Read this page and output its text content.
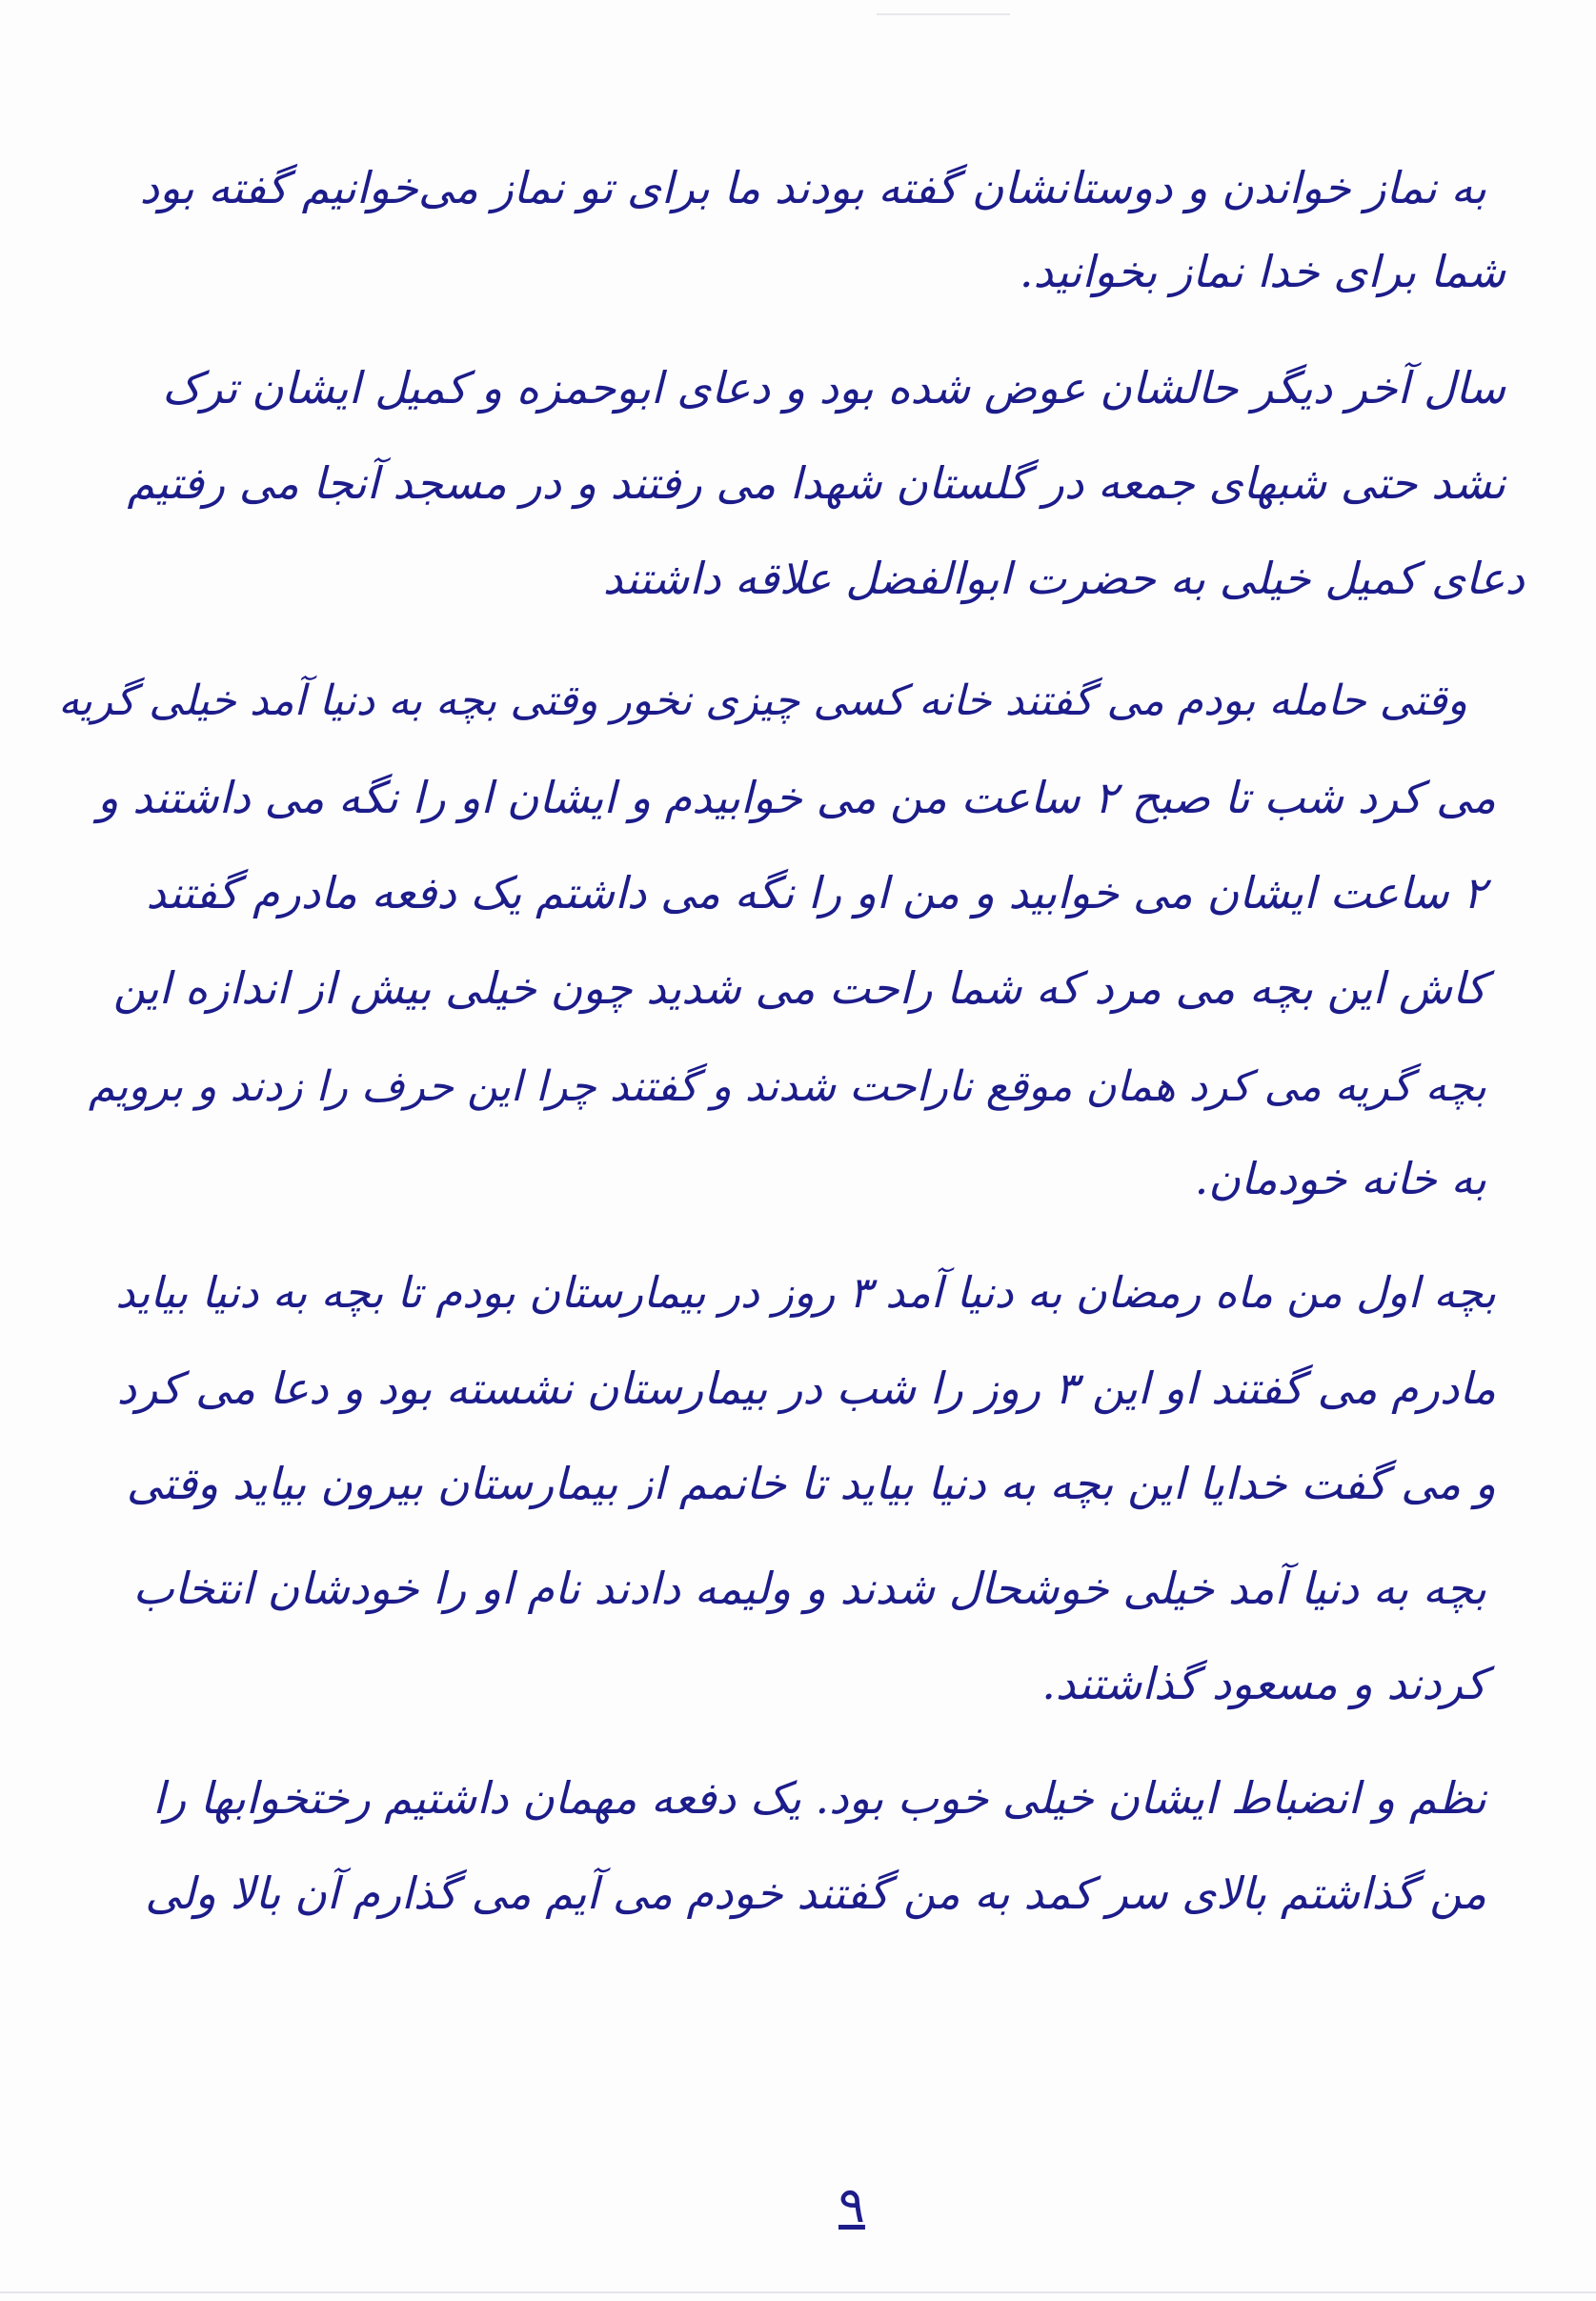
به نماز خواندن و دوستانشان گفته بودند ما برای تو نماز می‌خوانیم گفته بود
شما برای خدا نماز بخوانید.
سال آخر دیگر حالشان عوض شده بود و دعای ابوحمزه و کمیل ایشان ترک
نشد حتی شبهای جمعه در گلستان شهدا می رفتند و در مسجد آنجا می رفتیم
دعای کمیل خیلی به حضرت ابوالفضل علاقه داشتند
وقتی حامله بودم می گفتند خانه کسی چیزی نخور وقتی بچه به دنیا آمد خیلی گریه
می کرد شب تا صبح ۲ ساعت من می خوابیدم و ایشان او را نگه می داشتند و
۲ ساعت ایشان می خوابید و من او را نگه می داشتم یک دفعه مادرم گفتند
کاش این بچه می مرد که شما راحت می شدید چون خیلی بیش از اندازه این
بچه گریه می کرد همان موقع ناراحت شدند و گفتند چرا این حرف را زدند و برویم
به خانه خودمان.
بچه اول من ماه رمضان به دنیا آمد ۳ روز در بیمارستان بودم تا بچه به دنیا بیاید
مادرم می گفتند او این ۳ روز را شب در بیمارستان نشسته بود و دعا می کرد
و می گفت خدایا این بچه به دنیا بیاید تا خانمم از بیمارستان بیرون بیاید وقتی
بچه به دنیا آمد خیلی خوشحال شدند و ولیمه دادند نام او را خودشان انتخاب
کردند و مسعود گذاشتند.
نظم و انضباط ایشان خیلی خوب بود. یک دفعه مهمان داشتیم رختخوابها را
من گذاشتم بالای سر کمد به من گفتند خودم می آیم می گذارم آن بالا ولی
۹
